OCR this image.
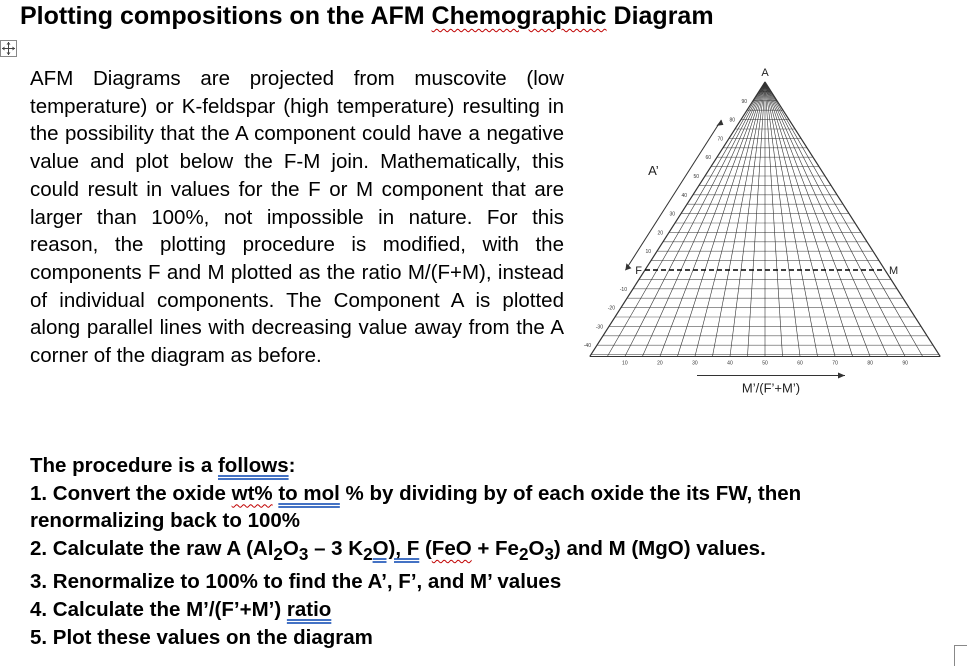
Plotting compositions on the AFM Chemographic Diagram

AFM Diagrams are projected from muscovite (low temperature) or K-feldspar (high temperature) resulting in the possibility that the A component could have a negative value and plot below the F-M join. Mathematically, this could result in values for the F or M component that are larger than 100%, not impossible in nature. For this reason, the plotting procedure is modified, with the components F and M plotted as the ratio M/(F+M), instead of individual components. The Component A is plotted along parallel lines with decreasing value away from the A corner of the diagram as before.

90
80
70
60
50
40
30
20
10
-10
-20
-30
-40
10	20	30	40	50	60	70	80	90
A
F	M
A’
M’/(F’+M’)
The procedure is a follows:
1. Convert the oxide wt% to mol % by dividing by of each oxide the its FW, then
renormalizing back to 100%
2. Calculate the raw A ($Al_2O_3 - 3$ $K_2O$), F $(FeO + Fe_2O_3)$ and M (MgO) values.
3. Renormalize to 100% to find the A’, F’, and M’ values
4. Calculate the M’/(F’+M’) ratio
5. Plot these values on the diagram
